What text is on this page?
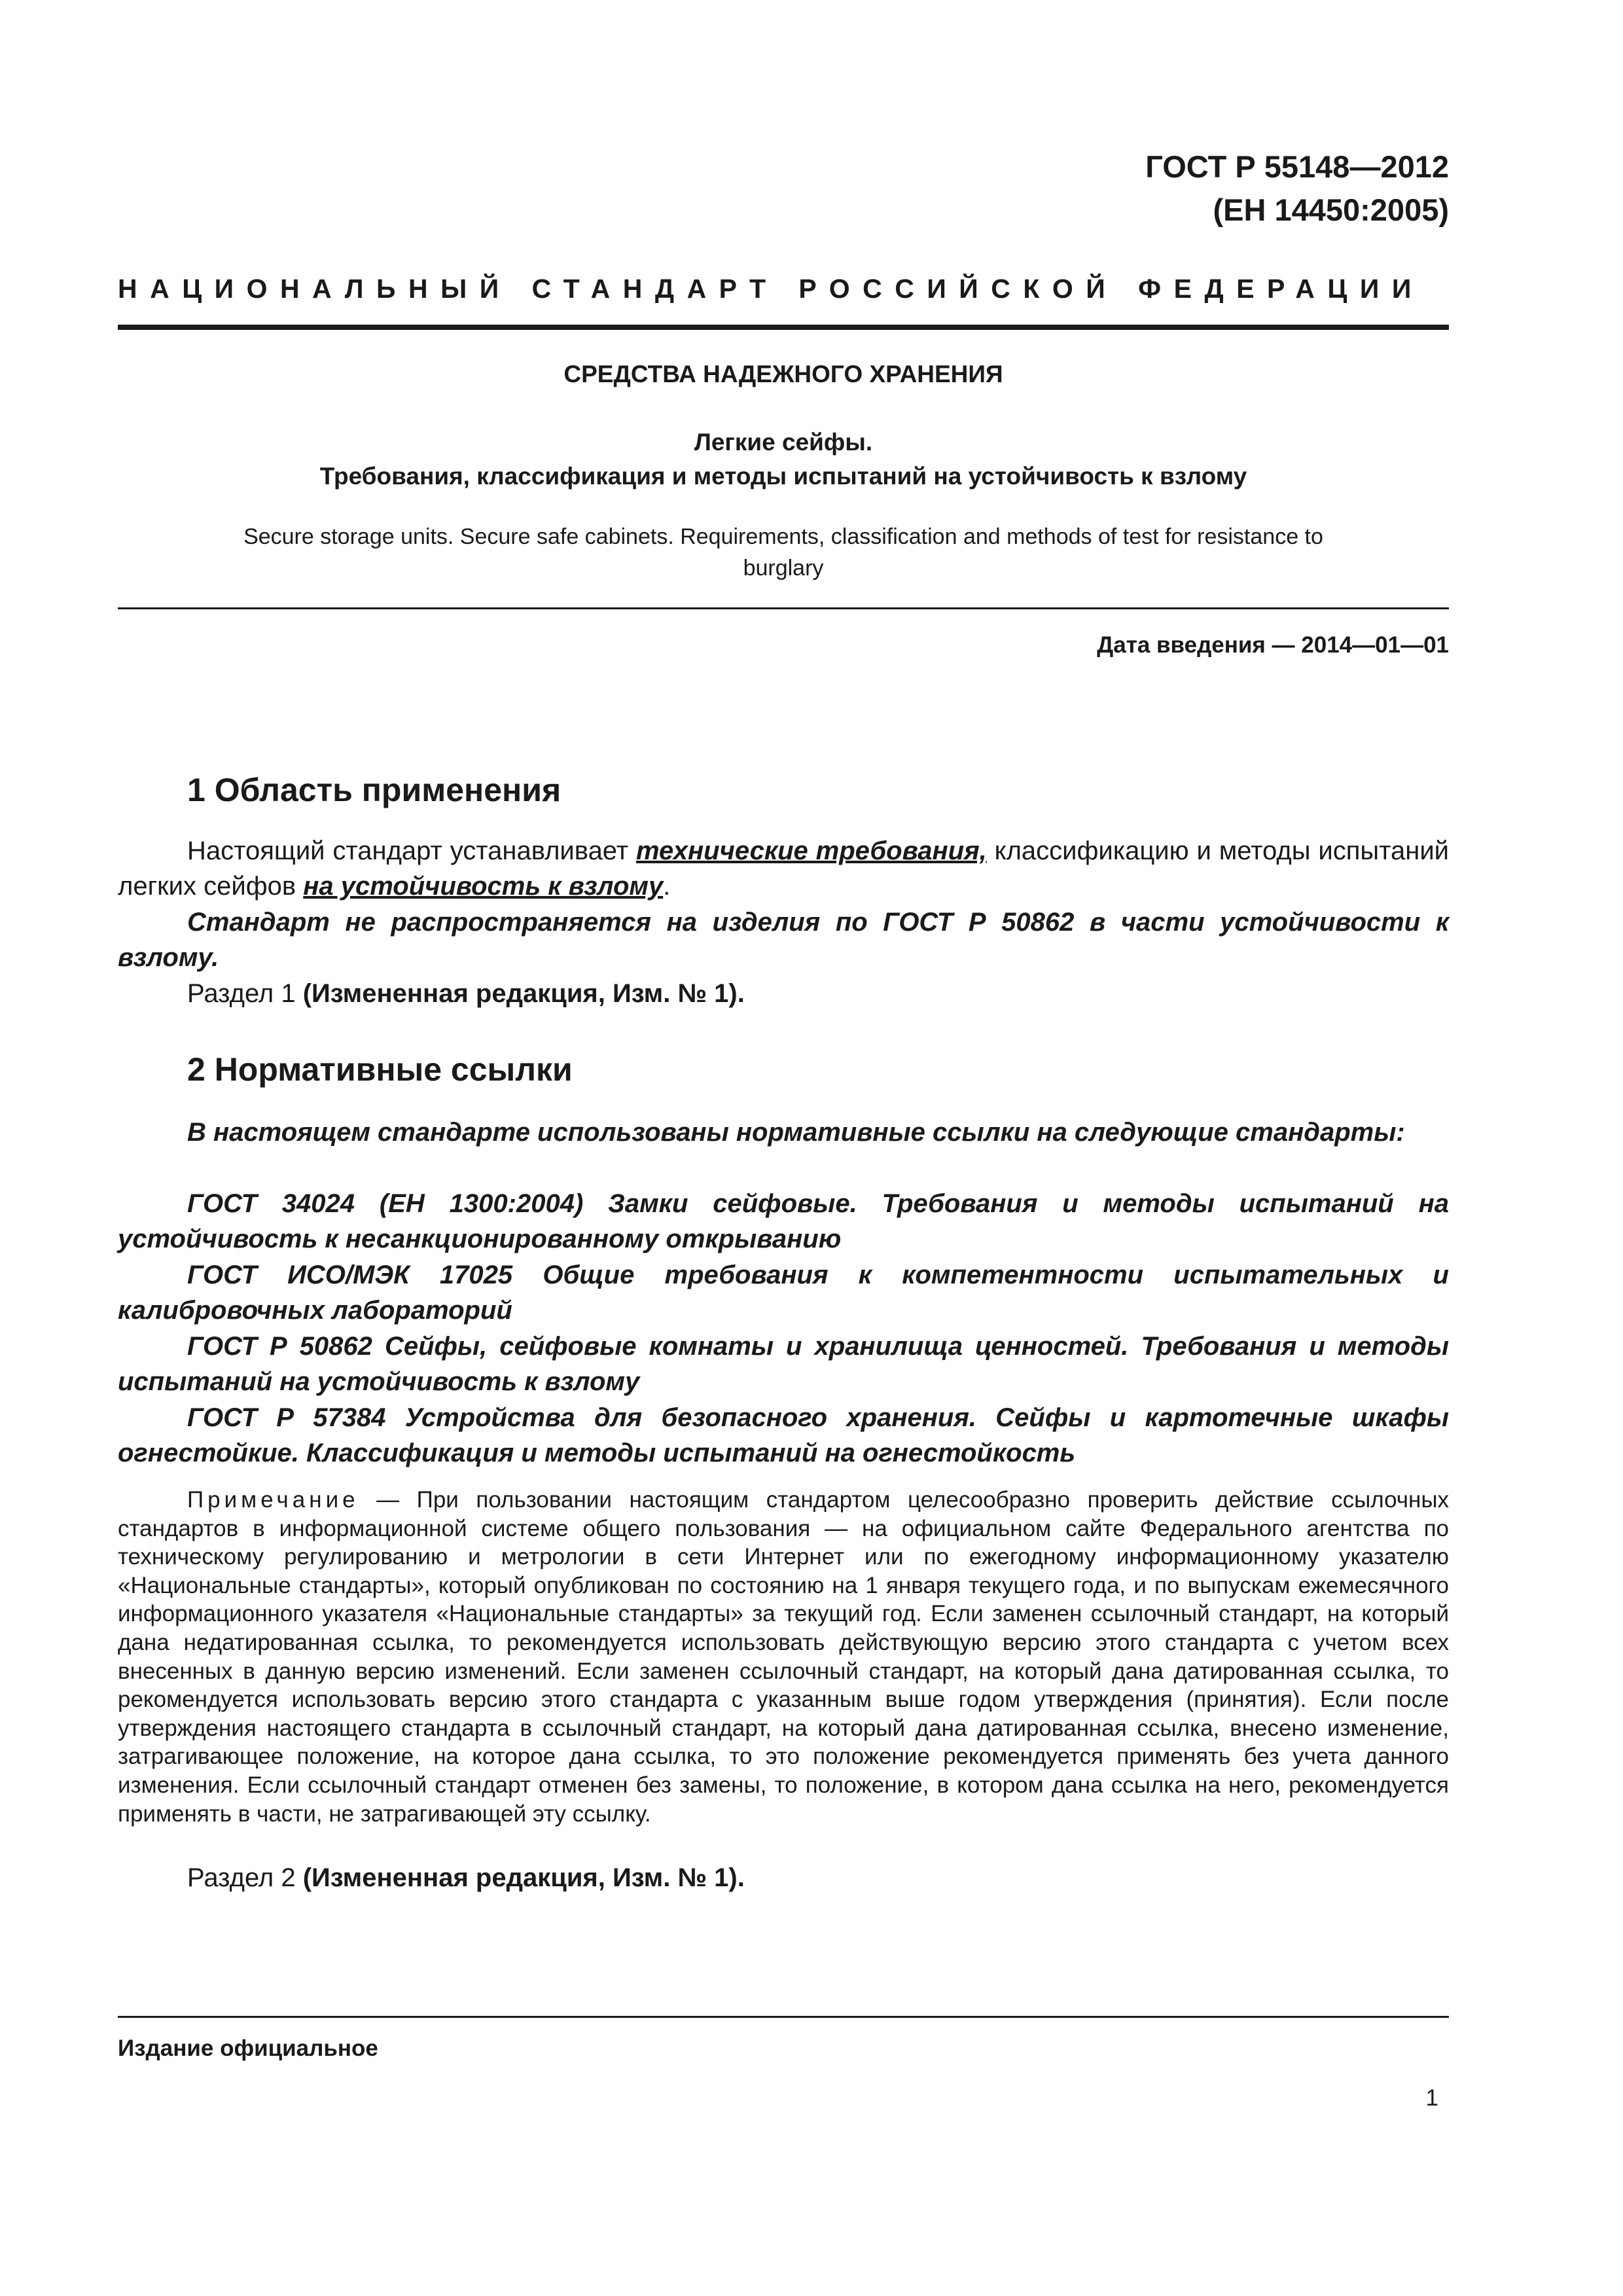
ГОСТ Р 55148—2012
(ЕН 14450:2005)
НАЦИОНАЛЬНЫЙ СТАНДАРТ РОССИЙСКОЙ ФЕДЕРАЦИИ
СРЕДСТВА НАДЕЖНОГО ХРАНЕНИЯ
Легкие сейфы.
Требования, классификация и методы испытаний на устойчивость к взлому
Secure storage units. Secure safe cabinets. Requirements, classification and methods of test for resistance to burglary
Дата введения — 2014—01—01
1 Область применения
Настоящий стандарт устанавливает технические требования, классификацию и методы испытаний легких сейфов на устойчивость к взлому.
Стандарт не распространяется на изделия по ГОСТ Р 50862 в части устойчивости к взлому.
Раздел 1 (Измененная редакция, Изм. № 1).
2 Нормативные ссылки
В настоящем стандарте использованы нормативные ссылки на следующие стандарты:
ГОСТ 34024 (ЕН 1300:2004) Замки сейфовые. Требования и методы испытаний на устойчивость к несанкционированному открыванию
ГОСТ ИСО/МЭК 17025 Общие требования к компетентности испытательных и калибровочных лабораторий
ГОСТ Р 50862 Сейфы, сейфовые комнаты и хранилища ценностей. Требования и методы испытаний на устойчивость к взлому
ГОСТ Р 57384 Устройства для безопасного хранения. Сейфы и картотечные шкафы огнестойкие. Классификация и методы испытаний на огнестойкость
Примечание — При пользовании настоящим стандартом целесообразно проверить действие ссылочных стандартов в информационной системе общего пользования — на официальном сайте Федерального агентства по техническому регулированию и метрологии в сети Интернет или по ежегодному информационному указателю «Национальные стандарты», который опубликован по состоянию на 1 января текущего года, и по выпускам ежемесячного информационного указателя «Национальные стандарты» за текущий год. Если заменен ссылочный стандарт, на который дана недатированная ссылка, то рекомендуется использовать действующую версию этого стандарта с учетом всех внесенных в данную версию изменений. Если заменен ссылочный стандарт, на который дана датированная ссылка, то рекомендуется использовать версию этого стандарта с указанным выше годом утверждения (принятия). Если после утверждения настоящего стандарта в ссылочный стандарт, на который дана датированная ссылка, внесено изменение, затрагивающее положение, на которое дана ссылка, то это положение рекомендуется применять без учета данного изменения. Если ссылочный стандарт отменен без замены, то положение, в котором дана ссылка на него, рекомендуется применять в части, не затрагивающей эту ссылку.
Раздел 2 (Измененная редакция, Изм. № 1).
Издание официальное
1
